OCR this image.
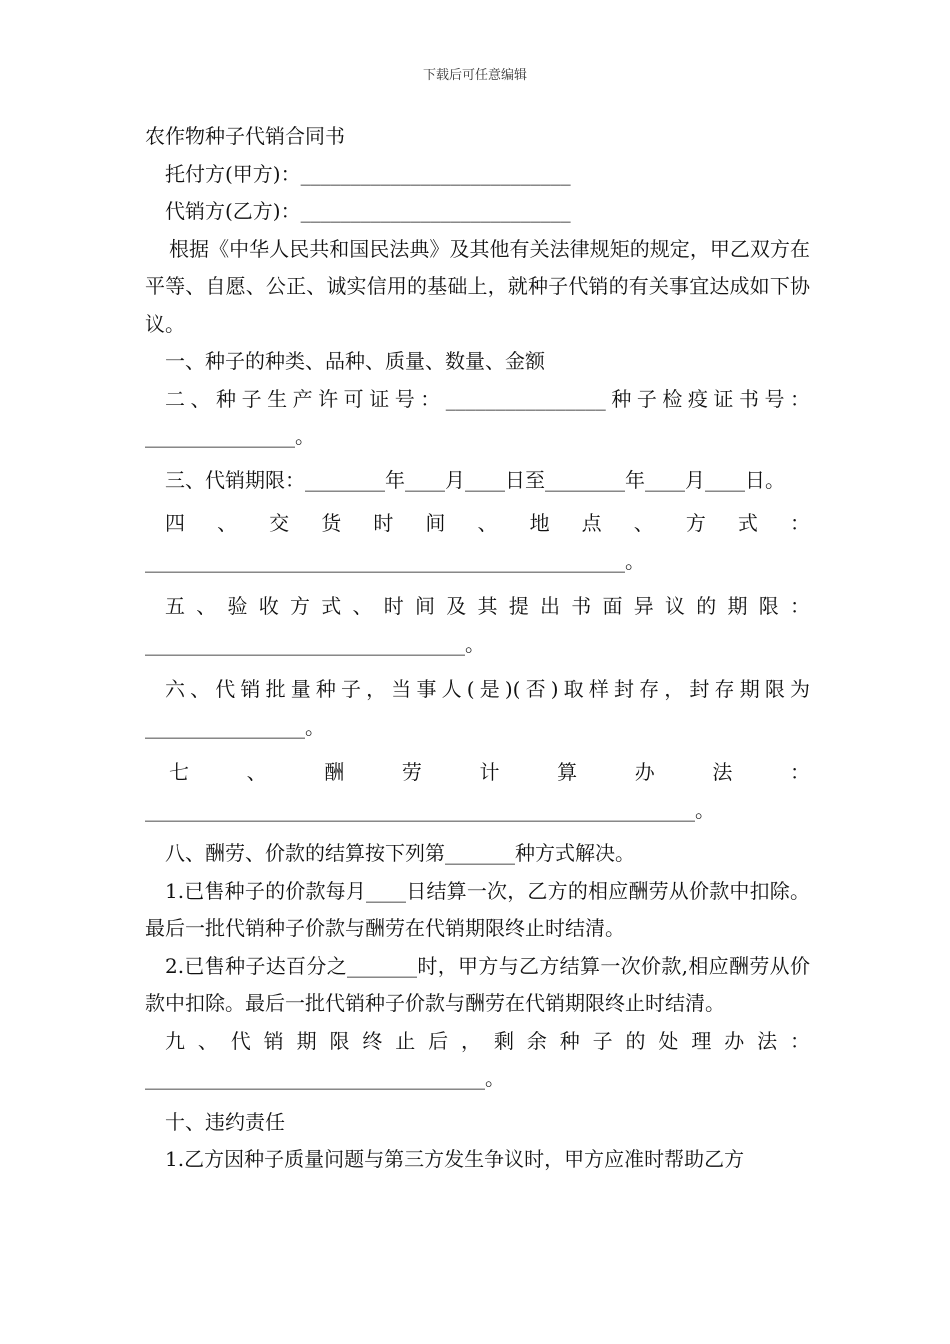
下载后可任意编辑

农作物种子代销合同书

托付方(甲方)：___________________________

代销方(乙方)：___________________________

根据《中华人民共和国民法典》及其他有关法律规矩的规定，甲乙双方在平等、自愿、公正、诚实信用的基础上，就种子代销的有关事宜达成如下协议。

一、种子的种类、品种、质量、数量、金额

二、种子生产许可证号：________________种子检疫证书号：_______________。

三、代销期限：________年____月____日至________年____月____日。

四、交货时间、地点、方式：________________________________________________。

五、验收方式、时间及其提出书面异议的期限：________________________________。

六、代销批量种子，当事人(是)(否)取样封存，封存期限为________________。

七、酬劳计算办法：_______________________________________________________。

八、酬劳、价款的结算按下列第_______种方式解决。

1.已售种子的价款每月____日结算一次，乙方的相应酬劳从价款中扣除。最后一批代销种子价款与酬劳在代销期限终止时结清。

2.已售种子达百分之_______时，甲方与乙方结算一次价款,相应酬劳从价款中扣除。最后一批代销种子价款与酬劳在代销期限终止时结清。

九、代销期限终止后，剩余种子的处理办法：__________________________________。

十、违约责任

1.乙方因种子质量问题与第三方发生争议时，甲方应准时帮助乙方
